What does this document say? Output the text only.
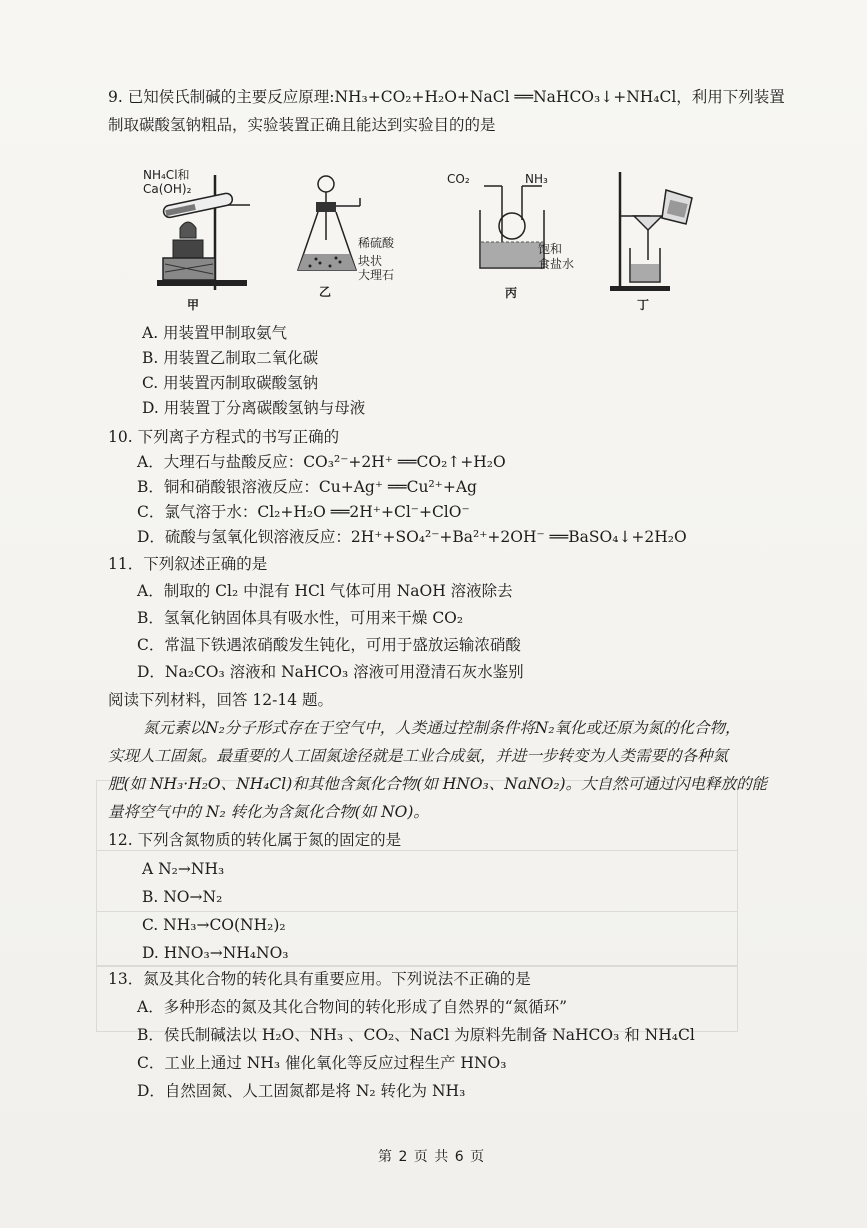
9. 已知侯氏制碱的主要反应原理:NH₃+CO₂+H₂O+NaCl ══NaHCO₃↓+NH₄Cl，利用下列装置
制取碳酸氢钠粗品，实验装置正确且能达到实验目的的是
NH₄Cl和
Ca(OH)₂
甲
稀硫酸
块状
大理石
乙
CO₂	NH₃
饱和
食盐水
丙
丁
A. 用装置甲制取氨气
B. 用装置乙制取二氧化碳
C. 用装置丙制取碳酸氢钠
D. 用装置丁分离碳酸氢钠与母液
10. 下列离子方程式的书写正确的
A．大理石与盐酸反应：CO₃²⁻+2H⁺ ══CO₂↑+H₂O
B．铜和硝酸银溶液反应：Cu+Ag⁺ ══Cu²⁺+Ag
C．氯气溶于水：Cl₂+H₂O ══2H⁺+Cl⁻+ClO⁻
D．硫酸与氢氧化钡溶液反应：2H⁺+SO₄²⁻+Ba²⁺+2OH⁻ ══BaSO₄↓+2H₂O
11．下列叙述正确的是
A．制取的 Cl₂ 中混有 HCl 气体可用 NaOH 溶液除去
B．氢氧化钠固体具有吸水性，可用来干燥 CO₂
C．常温下铁遇浓硝酸发生钝化，可用于盛放运输浓硝酸
D．Na₂CO₃ 溶液和 NaHCO₃ 溶液可用澄清石灰水鉴别
阅读下列材料，回答 12-14 题。
氮元素以N₂分子形式存在于空气中，人类通过控制条件将N₂氧化或还原为氮的化合物，
实现人工固氮。最重要的人工固氮途径就是工业合成氨，并进一步转变为人类需要的各种氮
肥(如 NH₃·H₂O、NH₄Cl)和其他含氮化合物(如 HNO₃、NaNO₂)。大自然可通过闪电释放的能
量将空气中的 N₂ 转化为含氮化合物(如 NO)。
12. 下列含氮物质的转化属于氮的固定的是
A N₂→NH₃
B. NO→N₂
C. NH₃→CO(NH₂)₂
D. HNO₃→NH₄NO₃
13．氮及其化合物的转化具有重要应用。下列说法不正确的是
A．多种形态的氮及其化合物间的转化形成了自然界的“氮循环”
B．侯氏制碱法以 H₂O、NH₃ 、CO₂、NaCl 为原料先制备 NaHCO₃ 和 NH₄Cl
C．工业上通过 NH₃ 催化氧化等反应过程生产 HNO₃
D．自然固氮、人工固氮都是将 N₂ 转化为 NH₃
第 2 页 共 6 页
